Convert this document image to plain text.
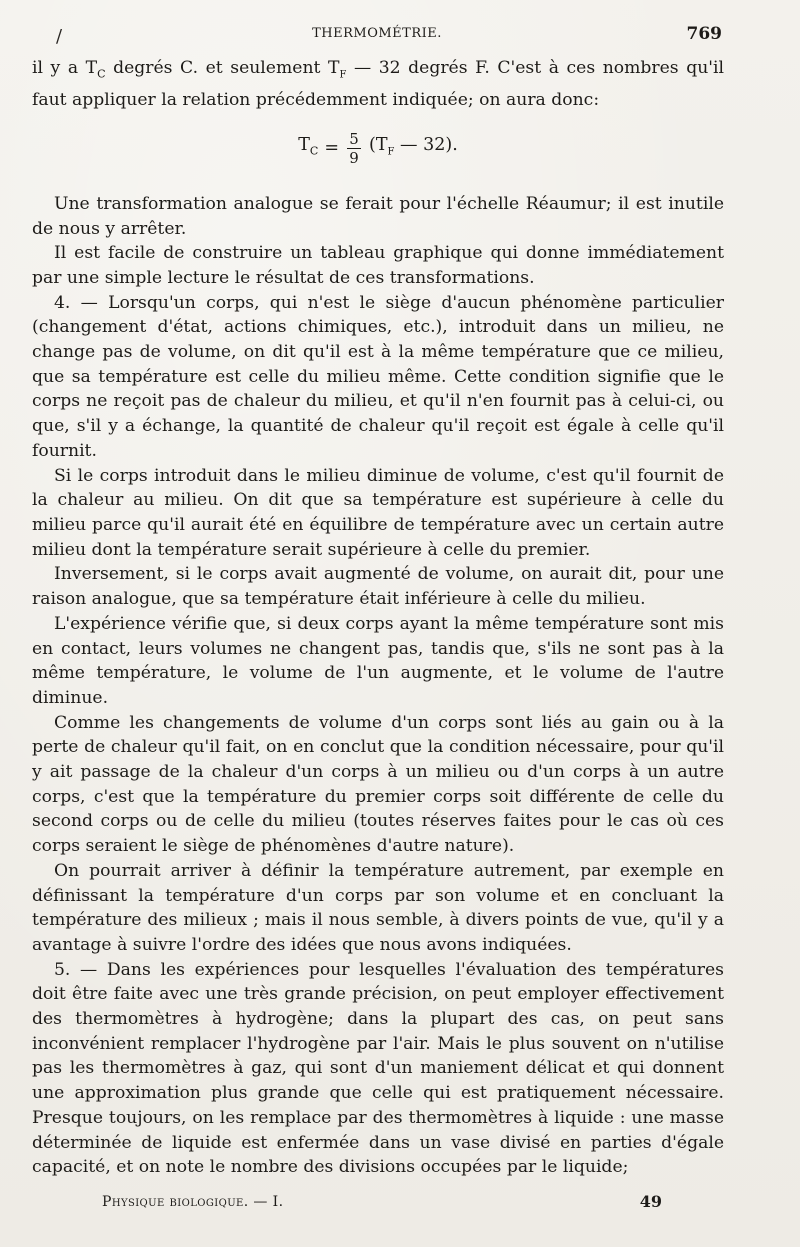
/	THERMOMÉTRIE.	769

il y a $T_C$ degrés C. et seulement $T_F$ — 32 degrés F. C'est à ces nombres qu'il faut appliquer la relation précédemment indiquée; on aura donc:

$T_C = \frac{5}{9} (T_F$ — 32).

Une transformation analogue se ferait pour l'échelle Réaumur; il est inutile de nous y arrêter.

Il est facile de construire un tableau graphique qui donne immédiatement par une simple lecture le résultat de ces transformations.

4. — Lorsqu'un corps, qui n'est le siège d'aucun phénomène particulier (changement d'état, actions chimiques, etc.), introduit dans un milieu, ne change pas de volume, on dit qu'il est à la même température que ce milieu, que sa température est celle du milieu même. Cette condition signifie que le corps ne reçoit pas de chaleur du milieu, et qu'il n'en fournit pas à celui-ci, ou que, s'il y a échange, la quantité de chaleur qu'il reçoit est égale à celle qu'il fournit.

Si le corps introduit dans le milieu diminue de volume, c'est qu'il fournit de la chaleur au milieu. On dit que sa température est supérieure à celle du milieu parce qu'il aurait été en équilibre de température avec un certain autre milieu dont la température serait supérieure à celle du premier.

Inversement, si le corps avait augmenté de volume, on aurait dit, pour une raison analogue, que sa température était inférieure à celle du milieu.

L'expérience vérifie que, si deux corps ayant la même température sont mis en contact, leurs volumes ne changent pas, tandis que, s'ils ne sont pas à la même température, le volume de l'un augmente, et le volume de l'autre diminue.

Comme les changements de volume d'un corps sont liés au gain ou à la perte de chaleur qu'il fait, on en conclut que la condition nécessaire, pour qu'il y ait passage de la chaleur d'un corps à un milieu ou d'un corps à un autre corps, c'est que la température du premier corps soit différente de celle du second corps ou de celle du milieu (toutes réserves faites pour le cas où ces corps seraient le siège de phénomènes d'autre nature).

On pourrait arriver à définir la température autrement, par exemple en définissant la température d'un corps par son volume et en concluant la température des milieux ; mais il nous semble, à divers points de vue, qu'il y a avantage à suivre l'ordre des idées que nous avons indiquées.

5. — Dans les expériences pour lesquelles l'évaluation des températures doit être faite avec une très grande précision, on peut employer effectivement des thermomètres à hydrogène; dans la plupart des cas, on peut sans inconvénient remplacer l'hydrogène par l'air. Mais le plus souvent on n'utilise pas les thermomètres à gaz, qui sont d'un maniement délicat et qui donnent une approximation plus grande que celle qui est pratiquement nécessaire. Presque toujours, on les remplace par des thermomètres à liquide : une masse déterminée de liquide est enfermée dans un vase divisé en parties d'égale capacité, et on note le nombre des divisions occupées par le liquide;

Physique biologique. — I.	49
